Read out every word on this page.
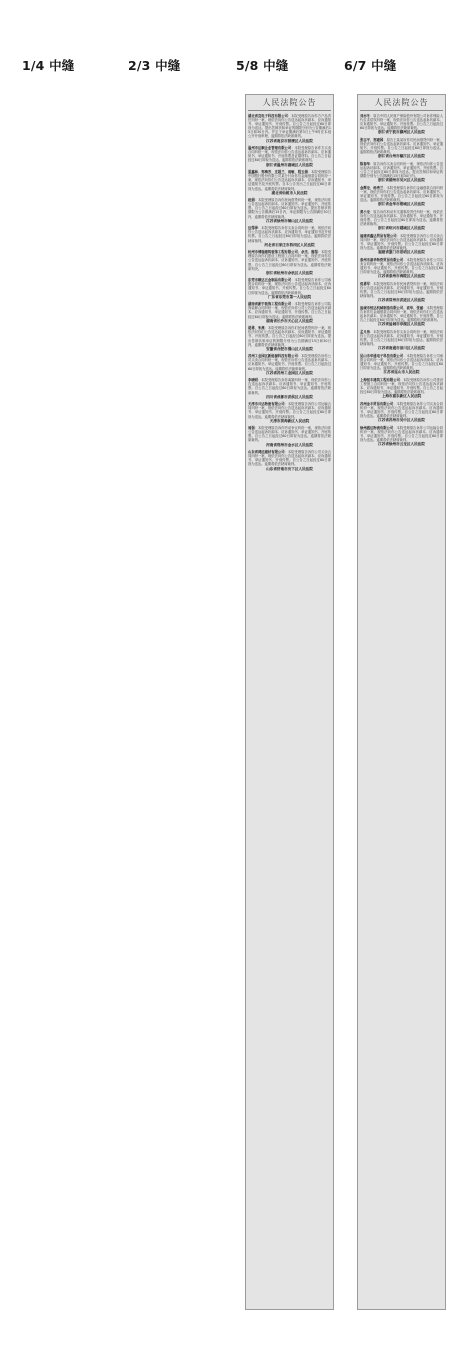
1/4 中缝	2/3 中缝	5/8 中缝	6/7 中缝
人民法院公告
湖北省宜电子科技有限公司：本院受理原告诉你方产品责任纠纷一案，现依法向你公告送达起诉状副本、应诉通知书、举证通知书、开庭传票。自公告之日起经过60日即视为送达。提出答辩状和举证的期限分别为公告期满后15日和30日内。并定于举证期满后第3日上午9时在本庭公开开庭审理，逾期将依法缺席裁判。
江苏省南京市鼓楼区人民法院
温州市达顺企业管理有限公司：本院受理原告诉你方买卖合同纠纷一案，现依法向你公告送达起诉状副本、应诉通知书、举证通知书、开庭传票及证据材料。自公告之日起经过60日即视为送达。逾期将依法缺席裁判。
浙江省温州市鹿城区人民法院
夏鑫林、郑梅芳、庄超兰、周敏、程玉娟：本院受理原告中国银行股份有限公司某分行诉你们金融借款合同纠纷一案，现依法向你们公告送达起诉状副本、应诉通知书、举证通知书及开庭传票。自本公告发出之日起经过60日即视为送达。逾期将依法缺席裁判。
湖北省仙桃市人民法院
赵娟：本院受理原告诉你民间借贷纠纷一案，现依法向你公告送达起诉状副本、应诉通知书、举证通知书、开庭传票。自公告之日起经过60日即视为送达。提出答辩状的期限为公告期满后15日内，举证期限为公告期满后30日内，逾期将依法缺席裁判。
江苏省徐州市铜山区人民法院
边得泽：本院受理原告诉你买卖合同纠纷一案，现依法向你公告送达起诉状副本、应诉通知书、举证通知书及开庭传票。自公告之日起经过60日即视为送达。逾期将依法缺席裁判。
河北省石家庄市桥西区人民法院
杭州市博瑞建筑装饰工程有限公司、余杰、谢超：本院受理原告诉你们建设工程施工合同纠纷一案，现依法向你们公告送达起诉状副本、应诉通知书、举证通知书、开庭传票。自公告之日起经过60日即视为送达。逾期将依法缺席判决。
浙江省杭州市余杭区人民法院
东莞市顺达五金制品有限公司：本院受理原告诉你公司承揽合同纠纷一案，现依法向你公告送达起诉状副本、应诉通知书、举证通知书、开庭传票。自公告之日起经过60日即视为送达。逾期将依法缺席裁判。
广东省东莞市第一人民法院
湖南省新宇装饰工程有限公司：本院受理原告诉你公司装饰装修合同纠纷一案，现依法向你公司公告送达起诉状副本、应诉通知书、举证通知书、开庭传票。自公告之日起经过60日即视为送达。逾期将依法缺席裁判。
湖南省长沙市天心区人民法院
胡勇、朱燕：本院受理原告诉你们民间借贷纠纷一案，现依法向你们公告送达起诉状副本、应诉通知书、举证通知书、开庭传票。自公告之日起经过60日即视为送达。提出答辩状和举证的期限分别为公告期满后15日和30日内，逾期将依法缺席裁判。
安徽省合肥市蜀山区人民法院
苏州工业园区新能源科技有限公司：本院受理原告诉你公司买卖合同纠纷一案，现依法向你公告送达起诉状副本、应诉通知书、举证通知书、开庭传票。自公告之日起经过60日即视为送达。逾期将依法缺席裁判。
江苏省苏州工业园区人民法院
李晓明：本院受理原告诉你离婚纠纷一案，现依法向你公告送达起诉状副本、应诉通知书、举证通知书、开庭传票。自公告之日起经过60日即视为送达。逾期将依法缺席裁判。
四川省成都市武侯区人民法院
天津市兴达物流有限公司：本院受理原告诉你公司运输合同纠纷一案，现依法向你公告送达起诉状副本、应诉通知书、举证通知书、开庭传票。自公告之日起经过60日即视为送达。逾期将依法缺席裁判。
天津市滨海新区人民法院
周强：本院受理原告诉你劳动争议纠纷一案，现依法向你公告送达起诉状副本、应诉通知书、举证通知书、开庭传票。自公告之日起经过60日即视为送达。逾期将依法缺席裁判。
河南省郑州市金水区人民法院
山东省鸿远建材有限公司：本院受理原告诉你公司买卖合同纠纷一案，现依法向你公告送达起诉状副本、应诉通知书、举证通知书、开庭传票。自公告之日起经过60日即视为送达。逾期将依法缺席裁判。
山东省济南市历下区人民法院
人民法院公告
刘亦冬：原告中国人民财产保险股份有限公司诉你保险人代位求偿权纠纷一案，现依法向你公告送达起诉状副本、应诉通知书、举证通知书、开庭传票。自公告之日起经过60日即视为送达。逾期将依法缺席裁判。
浙江省宁波市鄞州区人民法院
张志平、郑建国：原告王某某诉你们民间借贷纠纷一案，现依法向你们公告送达起诉状副本、应诉通知书、举证通知书、开庭传票。自公告之日起经过60日即视为送达。逾期将依法缺席裁判。
浙江省台州市椒江区人民法院
陈春华：原告诉你买卖合同纠纷一案，现依法向你公告送达起诉状副本、应诉通知书、举证通知书、开庭传票。自公告之日起经过60日即视为送达。提出答辩状和举证的期限分别为公告期满后15日和30日内。
浙江省湖州市吴兴区人民法院
金辉龙、杨秀兰：本院受理原告诉你们金融借款合同纠纷一案，现依法向你们公告送达起诉状副本、应诉通知书、举证通知书、开庭传票。自公告之日起经过60日即视为送达。逾期将依法缺席裁判。
浙江省金华市婺城区人民法院
黄小龙：原告诉你机动车交通事故责任纠纷一案，现依法向你公告送达起诉状副本、应诉通知书、举证通知书、开庭传票。自公告之日起经过60日即视为送达。逾期将依法缺席裁判。
浙江省绍兴市越城区人民法院
福建省鑫达贸易有限公司：本院受理原告诉你公司买卖合同纠纷一案，现依法向你公告送达起诉状副本、应诉通知书、举证通知书、开庭传票。自公告之日起经过60日即视为送达。逾期将依法缺席裁判。
福建省厦门市思明区人民法院
泰州市嘉华物资贸易有限公司：本院受理原告诉你公司买卖合同纠纷一案，现依法向你公告送达起诉状副本、应诉通知书、举证通知书、开庭传票。自公告之日起经过60日即视为送达。逾期将依法缺席裁判。
江苏省泰州市海陵区人民法院
倪勇军：本院受理原告诉你民间借贷纠纷一案，现依法向你公告送达起诉状副本、应诉通知书、举证通知书、开庭传票。自公告之日起经过60日即视为送达。逾期将依法缺席裁判。
江苏省常州市武进区人民法院
盐城市恒达机械制造有限公司、袁华、张丽：本院受理原告诉你们金融借款合同纠纷一案，现依法向你们公告送达起诉状副本、应诉通知书、举证通知书、开庭传票。自公告之日起经过60日即视为送达。逾期将依法缺席裁判。
江苏省盐城市亭湖区人民法院
孟凡伟：本院受理原告诉你买卖合同纠纷一案，现依法向你公告送达起诉状副本、应诉通知书、举证通知书、开庭传票。自公告之日起经过60日即视为送达。逾期将依法缺席裁判。
江苏省南通市崇川区人民法院
昆山市华通电子科技有限公司：本院受理原告诉你公司承揽合同纠纷一案，现依法向你公告送达起诉状副本、应诉通知书、举证通知书、开庭传票。自公告之日起经过60日即视为送达。逾期将依法缺席裁判。
江苏省昆山市人民法院
上海恒丰建筑工程有限公司：本院受理原告诉你公司建设工程施工合同纠纷一案，现依法向你公告送达起诉状副本、应诉通知书、举证通知书、开庭传票。自公告之日起经过60日即视为送达。逾期将依法缺席裁判。
上海市浦东新区人民法院
苏州金丰贸易有限公司：本院受理原告诉你公司买卖合同纠纷一案，现依法向你公告送达起诉状副本、应诉通知书、举证通知书、开庭传票。自公告之日起经过60日即视为送达。逾期将依法缺席裁判。
江苏省苏州市吴中区人民法院
徐州盛达物流有限公司：本院受理原告诉你公司运输合同纠纷一案，现依法向你公告送达起诉状副本、应诉通知书、举证通知书、开庭传票。自公告之日起经过60日即视为送达。逾期将依法缺席裁判。
江苏省徐州市云龙区人民法院
